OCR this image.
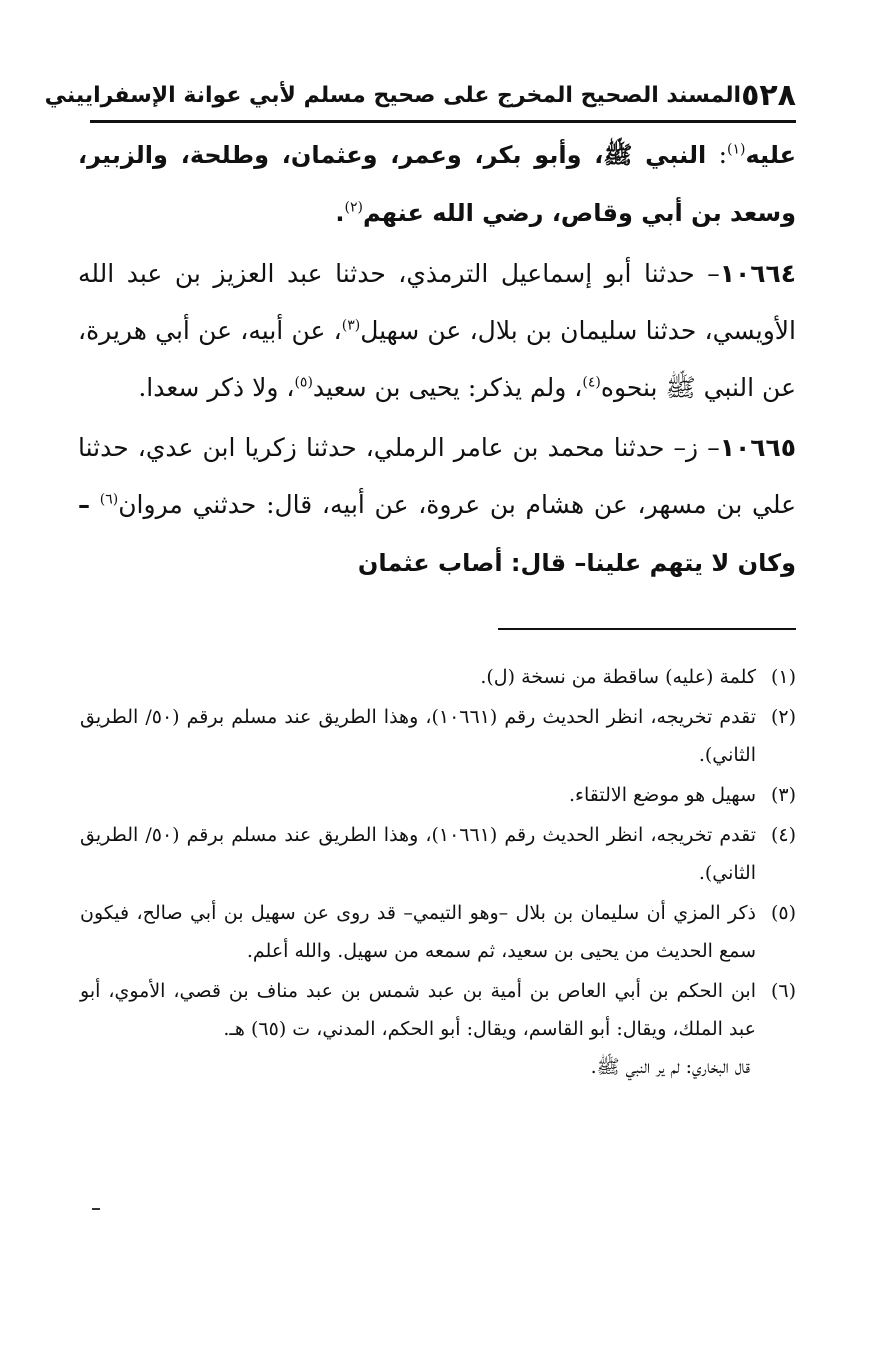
٥٢٨
المسند الصحيح المخرج على صحيح مسلم لأبي عوانة الإسفراييني

عليه$^{(١)}$: النبي ﷺ، وأبو بكر، وعمر، وعثمان، وطلحة، والزبير، وسعد بن أبي وقاص، رضي الله عنهم$^{(٢)}$.

١٠٦٦٤– حدثنا أبو إسماعيل الترمذي، حدثنا عبد العزيز بن عبد الله الأويسي، حدثنا سليمان بن بلال، عن سهيل$^{(٣)}$، عن أبيه، عن أبي هريرة، عن النبي ﷺ بنحوه$^{(٤)}$، ولم يذكر: يحيى بن سعيد$^{(٥)}$، ولا ذكر سعدا.

١٠٦٦٥– ز– حدثنا محمد بن عامر الرملي، حدثنا زكريا ابن عدي، حدثنا علي بن مسهر، عن هشام بن عروة، عن أبيه، قال: حدثني مروان$^{(٦)}$ –وكان لا يتهم علينا– قال: أصاب عثمان

(١)
كلمة (عليه) ساقطة من نسخة (ل).
(٢)
تقدم تخريجه، انظر الحديث رقم (١٠٦٦١)، وهذا الطريق عند مسلم برقم (٥٠/ الطريق الثاني).
(٣)
سهيل هو موضع الالتقاء.
(٤)
تقدم تخريجه، انظر الحديث رقم (١٠٦٦١)، وهذا الطريق عند مسلم برقم (٥٠/ الطريق الثاني).
(٥)
ذكر المزي أن سليمان بن بلال –وهو التيمي– قد روى عن سهيل بن أبي صالح، فيكون سمع الحديث من يحيى بن سعيد، ثم سمعه من سهيل. والله أعلم.
(٦)
ابن الحكم بن أبي العاص بن أمية بن عبد شمس بن عبد مناف بن قصي، الأموي، أبو عبد الملك، ويقال: أبو القاسم، ويقال: أبو الحكم، المدني، ت (٦٥) هـ.
قال البخاري: لم ير النبي ﷺ.
